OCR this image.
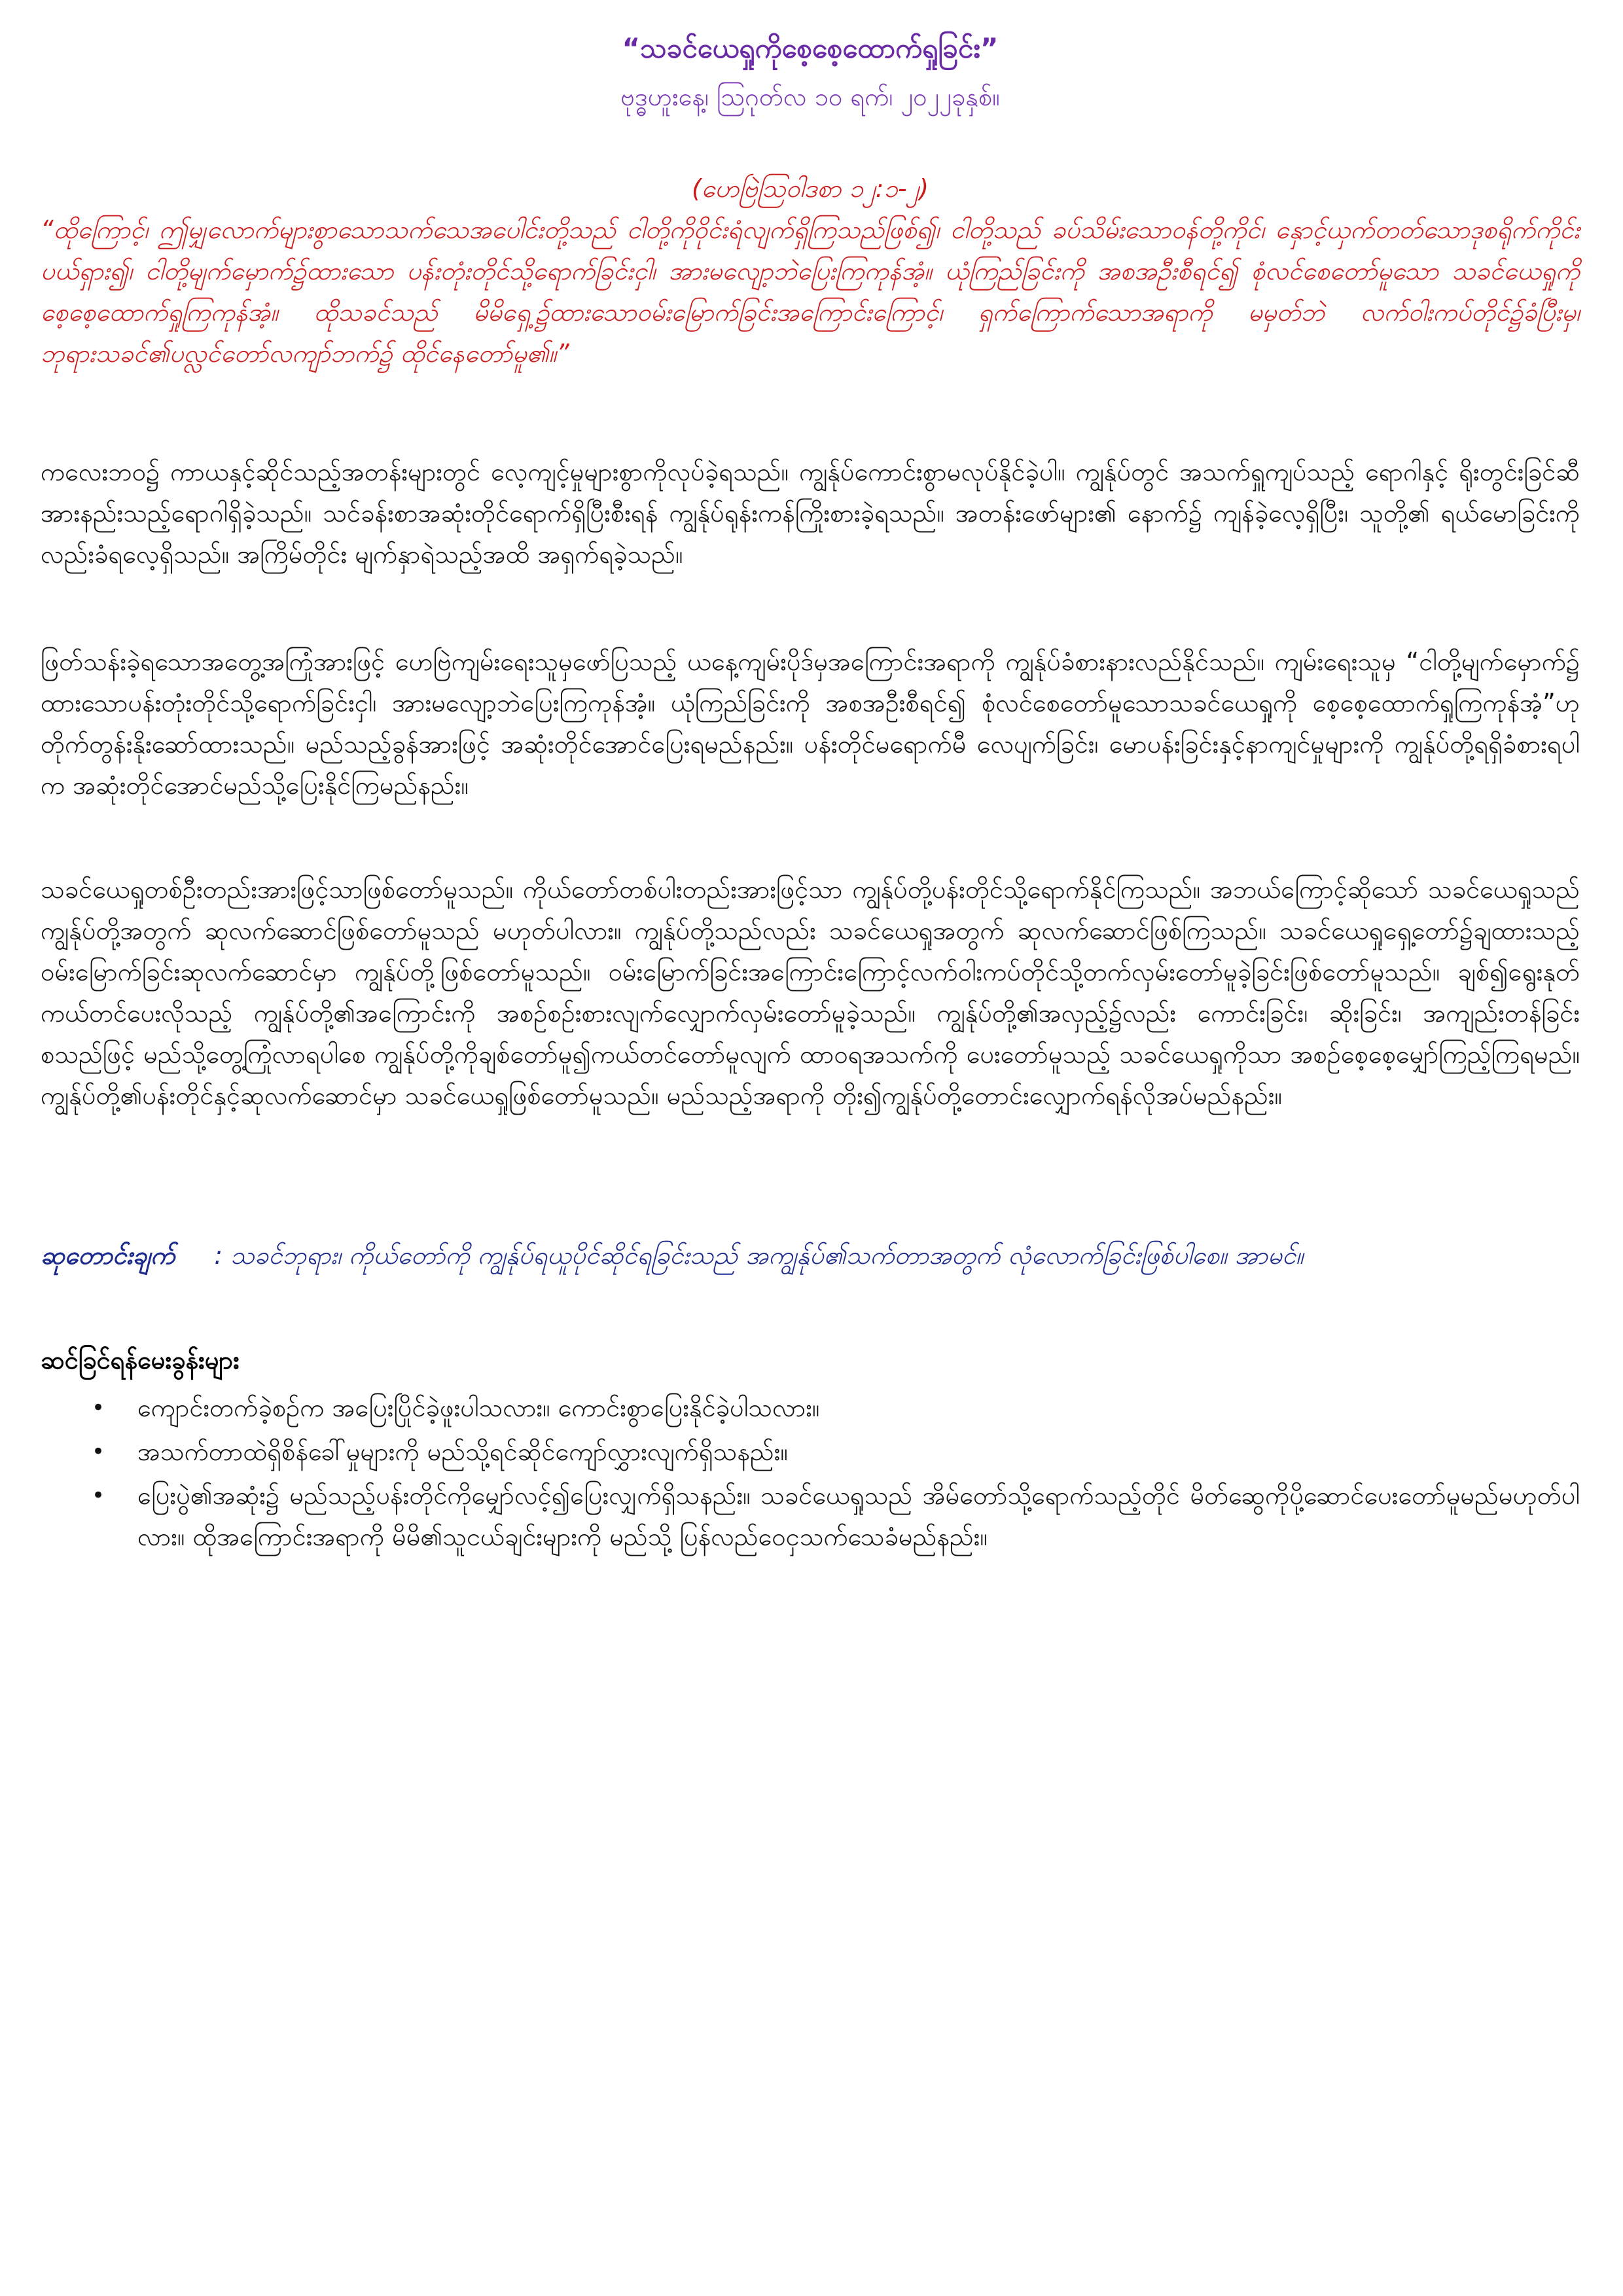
“သခင်ယေရှုကိုစေ့စေ့ထောက်ရှုခြင်း”
ဗုဒ္ဓဟူးနေ့၊ ဩဂုတ်လ ၁၀ ရက်၊ ၂၀၂၂ခုနှစ်။
(ဟေဗြဲဩဝါဒစာ ၁၂:၁-၂)
“ထိုကြောင့်၊ ဤမျှလောက်များစွာသောသက်သေအပေါင်းတို့သည် ငါတို့ကိုဝိုင်းရံလျက်ရှိကြသည်ဖြစ်၍၊ ငါတို့သည် ခပ်သိမ်းသောဝန်တို့ကိုင်၊ နှောင့်ယှက်တတ်သောဒုစရိုက်ကိုင်းပယ်ရှား၍၊ ငါတို့မျက်မှောက်၌ထားသော ပန်းတုံးတိုင်သို့ရောက်ခြင်းငှါ၊ အားမလျော့ဘဲပြေးကြကုန်အံ့။ ယုံကြည်ခြင်းကို အစအဦးစီရင်၍ စုံလင်စေတော်မူသော သခင်ယေရှုကို စေ့စေ့ထောက်ရှုကြကုန်အံ့။ ထိုသခင်သည် မိမိရှေ့၌ထားသောဝမ်းမြောက်ခြင်းအကြောင်းကြောင့်၊ ရှက်ကြောက်သောအရာကို မမှတ်ဘဲ လက်ဝါးကပ်တိုင်၌ခံပြီးမှ၊ ဘုရားသခင်၏ပလ္လင်တော်လကျာ်ဘက်၌ ထိုင်နေတော်မူ၏။”
ကလေးဘဝ၌ ကာယနှင့်ဆိုင်သည့်အတန်းများတွင် လေ့ကျင့်မှုများစွာကိုလုပ်ခဲ့ရသည်။ ကျွန်ုပ်ကောင်းစွာမလုပ်နိုင်ခဲ့ပါ။ ကျွန်ုပ်တွင် အသက်ရှူကျပ်သည့် ရောဂါနှင့် ရိုးတွင်းခြင်ဆီအားနည်းသည့်ရောဂါရှိခဲ့သည်။ သင်ခန်းစာအဆုံးတိုင်ရောက်ရှိပြီးစီးရန် ကျွန်ုပ်ရုန်းကန်ကြိုးစားခဲ့ရသည်။ အတန်းဖော်များ၏ နောက်၌ ကျန်ခဲ့လေ့ရှိပြီး၊ သူတို့၏ ရယ်မောခြင်းကိုလည်းခံရလေ့ရှိသည်။ အကြိမ်တိုင်း မျက်နှာရဲသည့်အထိ အရှက်ရခဲ့သည်။
ဖြတ်သန်းခဲ့ရသောအတွေ့အကြုံအားဖြင့် ဟေဗြဲကျမ်းရေးသူမှဖော်ပြသည့် ယနေ့ကျမ်းပိုဒ်မှအကြောင်းအရာကို ကျွန်ုပ်ခံစားနားလည်နိုင်သည်။ ကျမ်းရေးသူမှ “ငါတို့မျက်မှောက်၌ ထားသောပန်းတုံးတိုင်သို့ရောက်ခြင်းငှါ၊ အားမလျော့ဘဲပြေးကြကုန်အံ့။ ယုံကြည်ခြင်းကို အစအဦးစီရင်၍ စုံလင်စေတော်မူသောသခင်ယေရှုကို စေ့စေ့ထောက်ရှုကြကုန်အံ့”ဟု တိုက်တွန်းနိုးဆော်ထားသည်။ မည်သည့်ခွန်အားဖြင့် အဆုံးတိုင်အောင်ပြေးရမည်နည်း။ ပန်းတိုင်မရောက်မီ လေပျက်ခြင်း၊ မောပန်းခြင်းနှင့်နာကျင်မှုများကို ကျွန်ုပ်တို့ရရှိခံစားရပါက အဆုံးတိုင်အောင်မည်သို့ပြေးနိုင်ကြမည်နည်း။
သခင်ယေရှုတစ်ဦးတည်းအားဖြင့်သာဖြစ်တော်မူသည်။ ကိုယ်တော်တစ်ပါးတည်းအားဖြင့်သာ ကျွန်ုပ်တို့ပန်းတိုင်သို့ရောက်နိုင်ကြသည်။ အဘယ်ကြောင့်ဆိုသော် သခင်ယေရှုသည် ကျွန်ုပ်တို့အတွက် ဆုလက်ဆောင်ဖြစ်တော်မူသည် မဟုတ်ပါလား။ ကျွန်ုပ်တို့သည်လည်း သခင်ယေရှုအတွက် ဆုလက်ဆောင်ဖြစ်ကြသည်။ သခင်ယေရှုရှေ့တော်၌ချထားသည့် ဝမ်းမြောက်ခြင်းဆုလက်ဆောင်မှာ ကျွန်ုပ်တို့ဖြစ်တော်မူသည်။ ဝမ်းမြောက်ခြင်းအကြောင်းကြောင့်လက်ဝါးကပ်တိုင်သို့တက်လှမ်းတော်မူခဲ့ခြင်းဖြစ်တော်မူသည်။ ချစ်၍ရွေးနုတ်ကယ်တင်ပေးလိုသည့် ကျွန်ုပ်တို့၏အကြောင်းကို အစဉ်စဉ်းစားလျက်လျှောက်လှမ်းတော်မူခဲ့သည်။ ကျွန်ုပ်တို့၏အလှည့်၌လည်း ကောင်းခြင်း၊ ဆိုးခြင်း၊ အကျည်းတန်ခြင်းစသည်ဖြင့် မည်သို့တွေ့ကြုံလာရပါစေ ကျွန်ုပ်တို့ကိုချစ်တော်မူ၍ကယ်တင်တော်မူလျက် ထာဝရအသက်ကို ပေးတော်မူသည့် သခင်ယေရှုကိုသာ အစဉ်စေ့စေ့မျှော်ကြည့်ကြရမည်။ ကျွန်ုပ်တို့၏ပန်းတိုင်နှင့်ဆုလက်ဆောင်မှာ သခင်ယေရှုဖြစ်တော်မူသည်။ မည်သည့်အရာကို တိုး၍ကျွန်ုပ်တို့တောင်းလျှောက်ရန်လိုအပ်မည်နည်း။
ဆုတောင်းချက် : သခင်ဘုရား၊ ကိုယ်တော်ကို ကျွန်ုပ်ရယူပိုင်ဆိုင်ရခြင်းသည် အကျွန်ုပ်၏သက်တာအတွက် လုံလောက်ခြင်းဖြစ်ပါစေ။ အာမင်။
ဆင်ခြင်ရန်မေးခွန်းများ
• ကျောင်းတက်ခဲ့စဉ်က အပြေးပြိုင်ခဲ့ဖူးပါသလား။ ကောင်းစွာပြေးနိုင်ခဲ့ပါသလား။
• အသက်တာထဲရှိစိန်ခေါ်မှုများကို မည်သို့ရင်ဆိုင်ကျော်လွှားလျက်ရှိသနည်း။
• ပြေးပွဲ၏အဆုံး၌ မည်သည့်ပန်းတိုင်ကိုမျှော်လင့်၍ပြေးလျှက်ရှိသနည်း။ သခင်ယေရှုသည် အိမ်တော်သို့ရောက်သည့်တိုင် မိတ်ဆွေကိုပို့ဆောင်ပေးတော်မူမည်မဟုတ်ပါလား။ ထိုအကြောင်းအရာကို မိမိ၏သူငယ်ချင်းများကို မည်သို့ ပြန်လည်ဝေငှသက်သေခံမည်နည်း။
